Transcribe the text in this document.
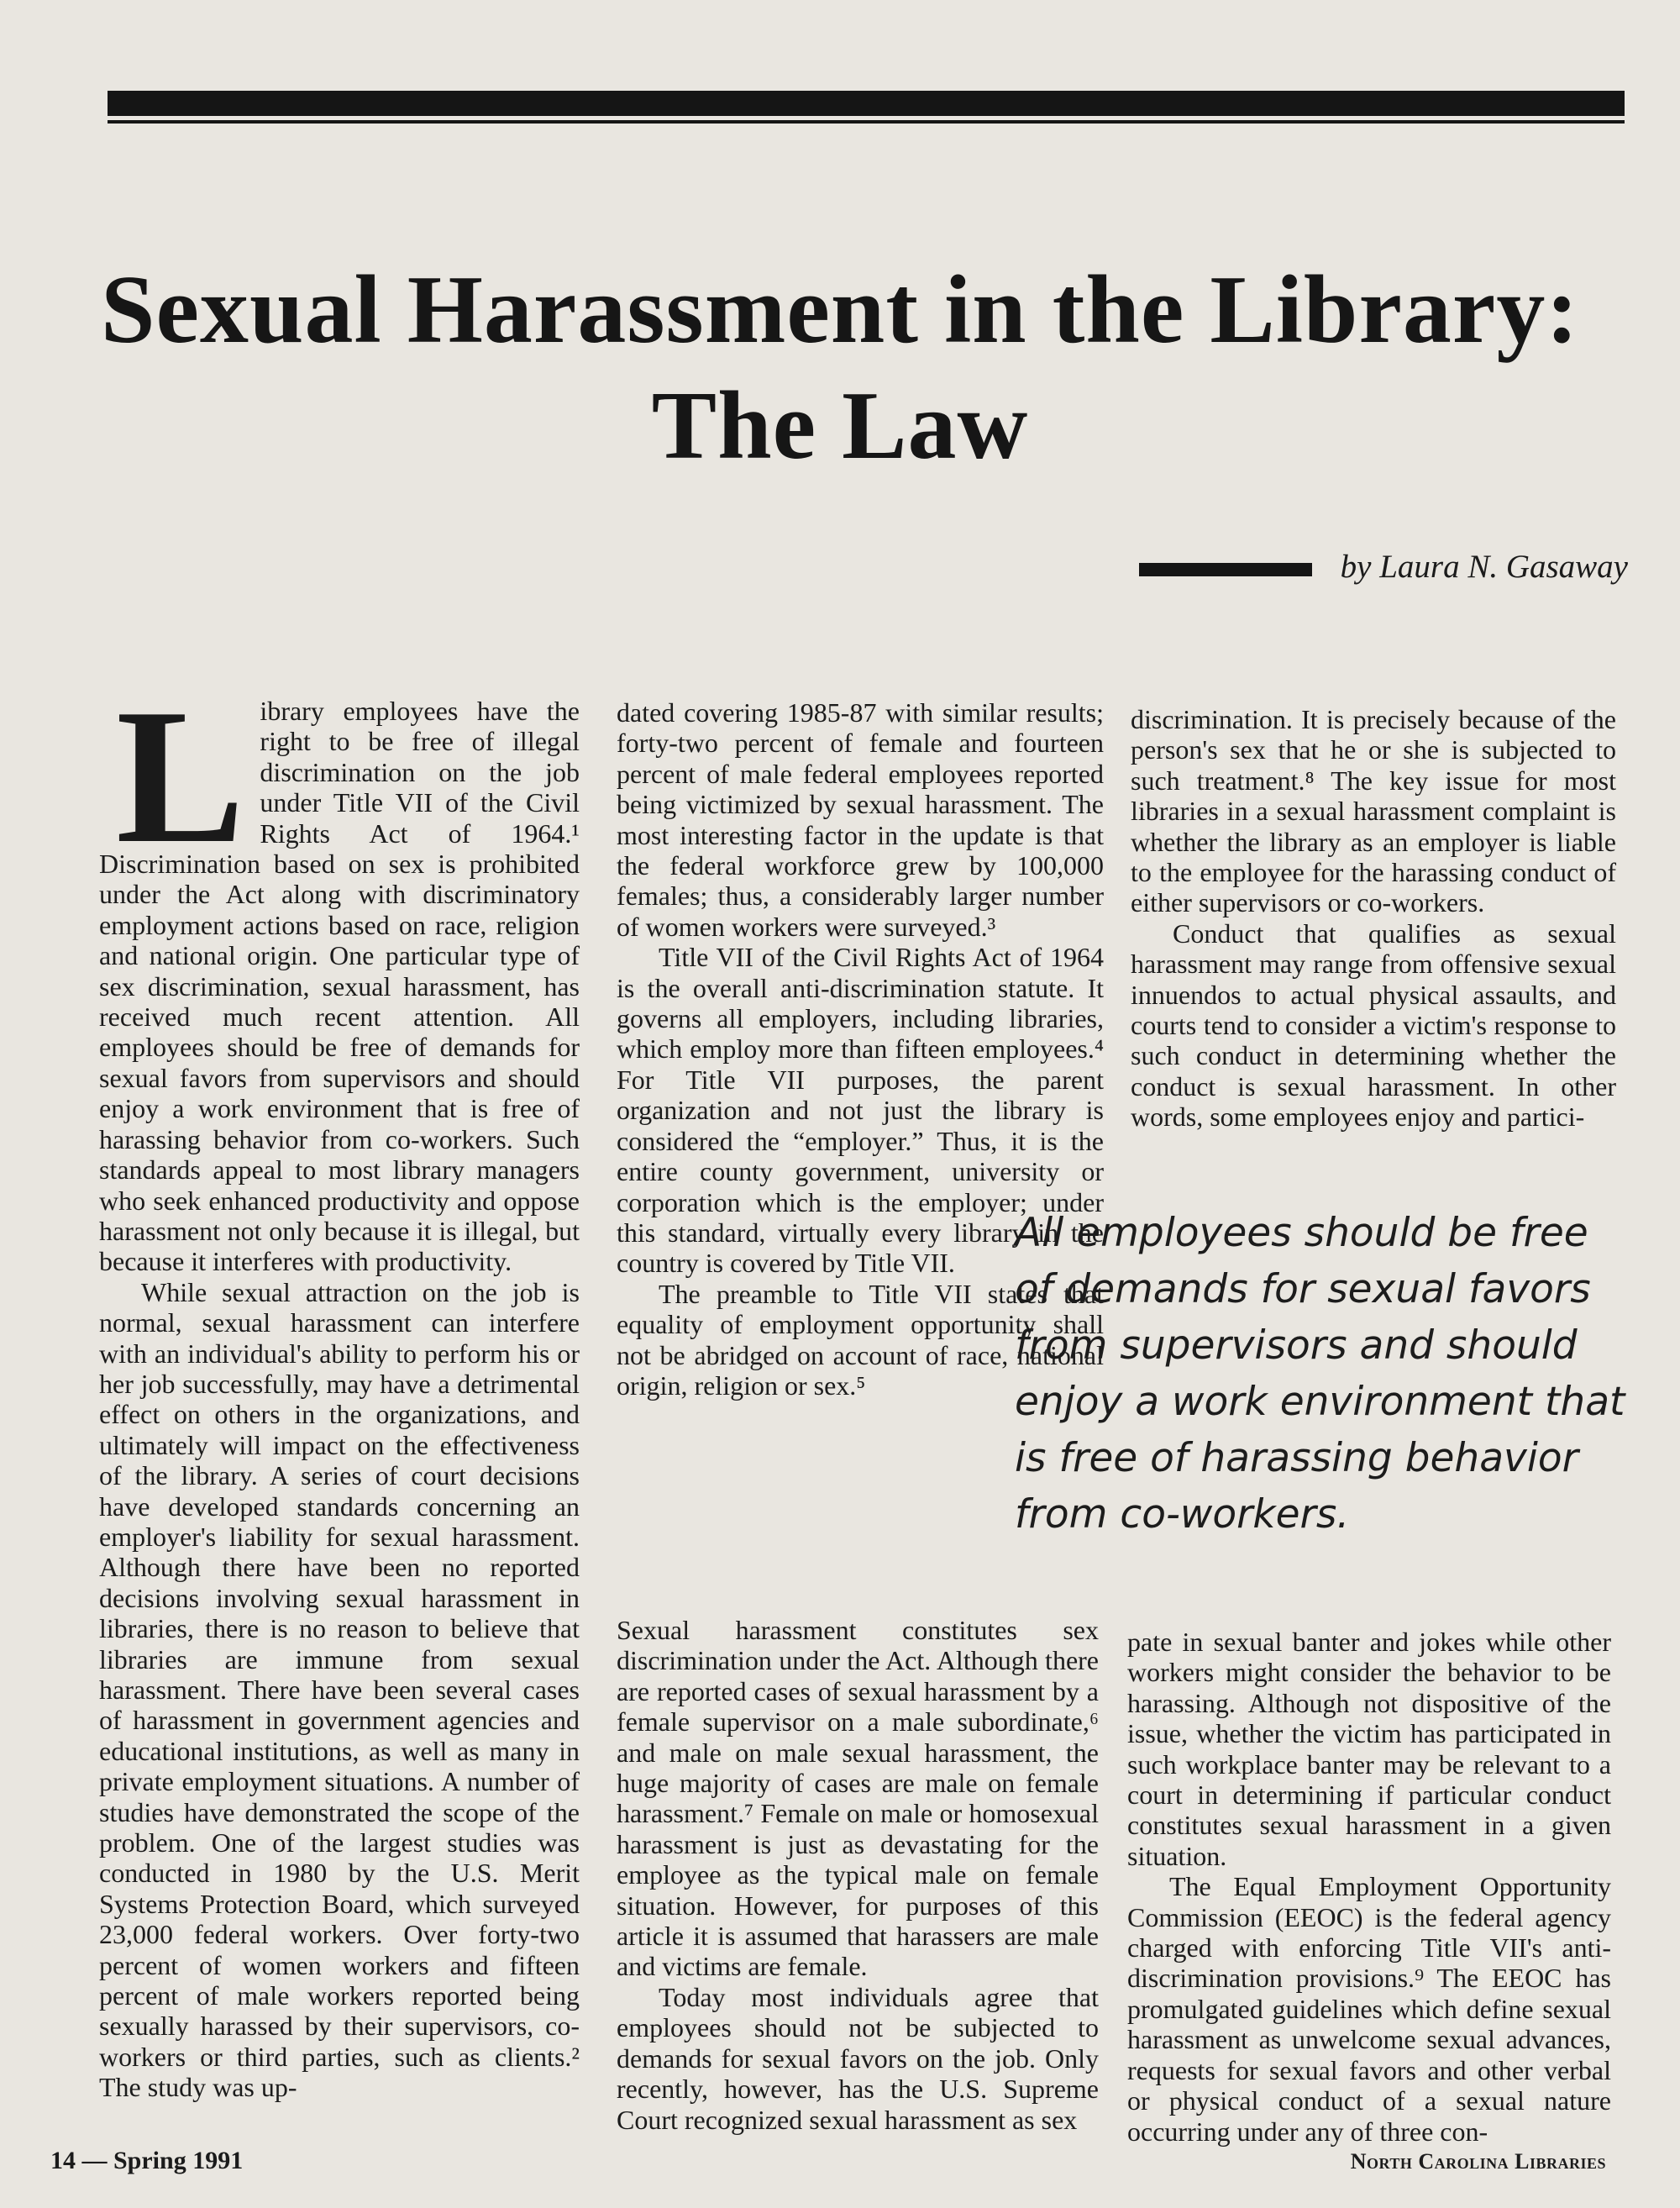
Sexual Harassment in the Library:
The Law
by Laura N. Gasaway

Library employees have the right to be free of illegal discrimination on the job under Title VII of the Civil Rights Act of 1964.¹ Discrimination based on sex is prohibited under the Act along with discriminatory employment actions based on race, religion and national origin. One particular type of sex discrimination, sexual harassment, has received much recent attention. All employees should be free of demands for sexual favors from supervisors and should enjoy a work environment that is free of harassing behavior from co-workers. Such standards appeal to most library managers who seek enhanced productivity and oppose harassment not only because it is illegal, but because it interferes with productivity.

While sexual attraction on the job is normal, sexual harassment can interfere with an individual's ability to perform his or her job successfully, may have a detrimental effect on others in the organizations, and ultimately will impact on the effectiveness of the library. A series of court decisions have developed standards concerning an employer's liability for sexual harassment. Although there have been no reported decisions involving sexual harassment in libraries, there is no reason to believe that libraries are immune from sexual harassment. There have been several cases of harassment in government agencies and educational institutions, as well as many in private employment situations. A number of studies have demonstrated the scope of the problem. One of the largest studies was conducted in 1980 by the U.S. Merit Systems Protection Board, which surveyed 23,000 federal workers. Over forty-two percent of women workers and fifteen percent of male workers reported being sexually harassed by their supervisors, co-workers or third parties, such as clients.² The study was up-

dated covering 1985-87 with similar results; forty-two percent of female and fourteen percent of male federal employees reported being victimized by sexual harassment. The most interesting factor in the update is that the federal workforce grew by 100,000 females; thus, a considerably larger number of women workers were surveyed.³

Title VII of the Civil Rights Act of 1964 is the overall anti-discrimination statute. It governs all employers, including libraries, which employ more than fifteen employees.⁴ For Title VII purposes, the parent organization and not just the library is considered the “employer.” Thus, it is the entire county government, university or corporation which is the employer; under this standard, virtually every library in the country is covered by Title VII.

The preamble to Title VII states that equality of employment opportunity shall not be abridged on account of race, national origin, religion or sex.⁵

Sexual harassment constitutes sex discrimination under the Act. Although there are reported cases of sexual harassment by a female supervisor on a male subordinate,⁶ and male on male sexual harassment, the huge majority of cases are male on female harassment.⁷ Female on male or homosexual harassment is just as devastating for the employee as the typical male on female situation. However, for purposes of this article it is assumed that harassers are male and victims are female.

Today most individuals agree that employees should not be subjected to demands for sexual favors on the job. Only recently, however, has the U.S. Supreme Court recognized sexual harassment as sex

discrimination. It is precisely because of the person's sex that he or she is subjected to such treatment.⁸ The key issue for most libraries in a sexual harassment complaint is whether the library as an employer is liable to the employee for the harassing conduct of either supervisors or co-workers.

Conduct that qualifies as sexual harassment may range from offensive sexual innuendos to actual physical assaults, and courts tend to consider a victim's response to such conduct in determining whether the conduct is sexual harassment. In other words, some employees enjoy and partici-

All employees should be free of demands for sexual favors from supervisors and should enjoy a work environment that is free of harassing behavior from co-workers.

pate in sexual banter and jokes while other workers might consider the behavior to be harassing. Although not dispositive of the issue, whether the victim has participated in such workplace banter may be relevant to a court in determining if particular conduct constitutes sexual harassment in a given situation.

The Equal Employment Opportunity Commission (EEOC) is the federal agency charged with enforcing Title VII's anti-discrimination provisions.⁹ The EEOC has promulgated guidelines which define sexual harassment as unwelcome sexual advances, requests for sexual favors and other verbal or physical conduct of a sexual nature occurring under any of three con-

14 — Spring 1991	North Carolina Libraries
